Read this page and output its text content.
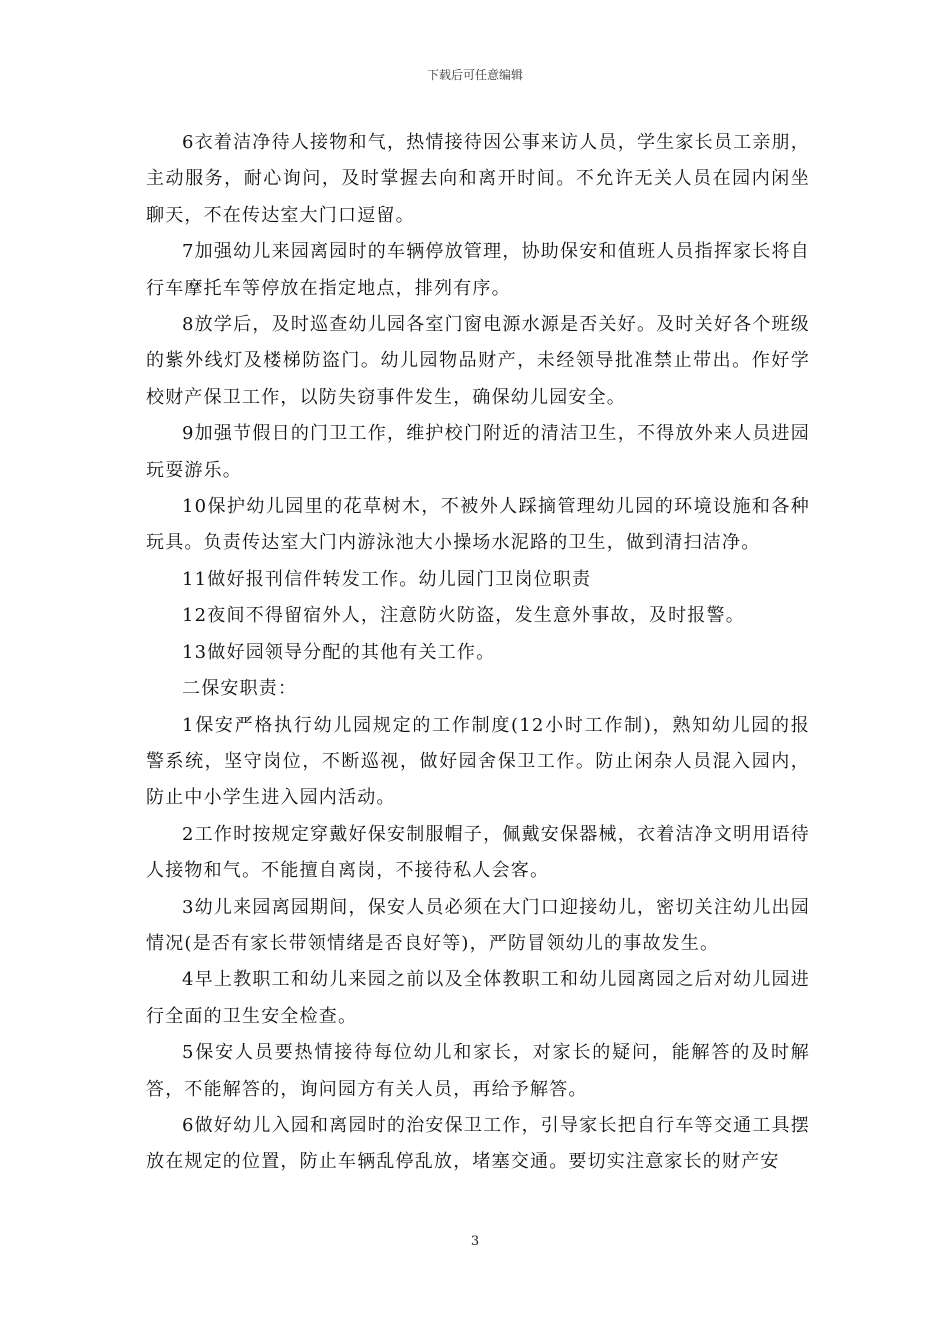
下载后可任意编辑

6衣着洁净待人接物和气，热情接待因公事来访人员，学生家长员工亲朋，主动服务，耐心询问，及时掌握去向和离开时间。不允许无关人员在园内闲坐聊天，不在传达室大门口逗留。

7加强幼儿来园离园时的车辆停放管理，协助保安和值班人员指挥家长将自行车摩托车等停放在指定地点，排列有序。

8放学后，及时巡查幼儿园各室门窗电源水源是否关好。及时关好各个班级的紫外线灯及楼梯防盗门。幼儿园物品财产，未经领导批准禁止带出。作好学校财产保卫工作，以防失窃事件发生，确保幼儿园安全。

9加强节假日的门卫工作，维护校门附近的清洁卫生，不得放外来人员进园玩耍游乐。

10保护幼儿园里的花草树木，不被外人踩摘管理幼儿园的环境设施和各种玩具。负责传达室大门内游泳池大小操场水泥路的卫生，做到清扫洁净。

11做好报刊信件转发工作。幼儿园门卫岗位职责

12夜间不得留宿外人，注意防火防盗，发生意外事故，及时报警。

13做好园领导分配的其他有关工作。

二保安职责：

1保安严格执行幼儿园规定的工作制度(12小时工作制)，熟知幼儿园的报警系统，坚守岗位，不断巡视，做好园舍保卫工作。防止闲杂人员混入园内，防止中小学生进入园内活动。

2工作时按规定穿戴好保安制服帽子，佩戴安保器械，衣着洁净文明用语待人接物和气。不能擅自离岗，不接待私人会客。

3幼儿来园离园期间，保安人员必须在大门口迎接幼儿，密切关注幼儿出园情况(是否有家长带领情绪是否良好等)，严防冒领幼儿的事故发生。

4早上教职工和幼儿来园之前以及全体教职工和幼儿园离园之后对幼儿园进行全面的卫生安全检查。

5保安人员要热情接待每位幼儿和家长，对家长的疑问，能解答的及时解答，不能解答的，询问园方有关人员，再给予解答。

6做好幼儿入园和离园时的治安保卫工作，引导家长把自行车等交通工具摆放在规定的位置，防止车辆乱停乱放，堵塞交通。要切实注意家长的财产安

3
